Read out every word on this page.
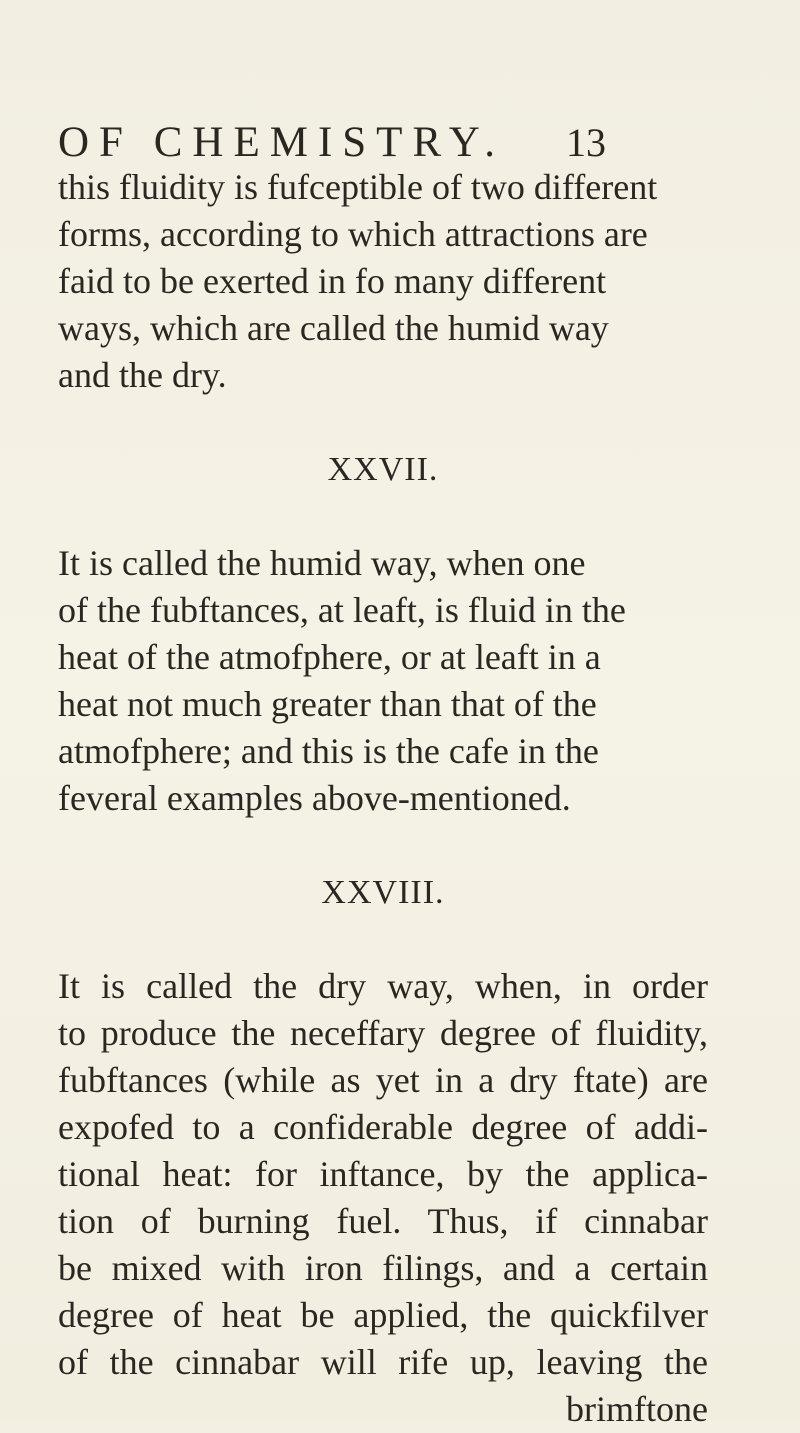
OF CHEMISTRY. 13
this fluidity is fufceptible of two different
forms, according to which attractions are
faid to be exerted in fo many different
ways, which are called the humid way
and the dry.
XXVII.
It is called the humid way, when one
of the fubftances, at leaft, is fluid in the
heat of the atmofphere, or at leaft in a
heat not much greater than that of the
atmofphere; and this is the cafe in the
feveral examples above-mentioned.
XXVIII.
It is called the dry way, when, in order
to produce the neceffary degree of fluidity,
fubftances (while as yet in a dry ftate) are
expofed to a confiderable degree of addi-
tional heat: for inftance, by the applica-
tion of burning fuel. Thus, if cinnabar
be mixed with iron filings, and a certain
degree of heat be applied, the quickfilver
of the cinnabar will rife up, leaving the
brimftone
